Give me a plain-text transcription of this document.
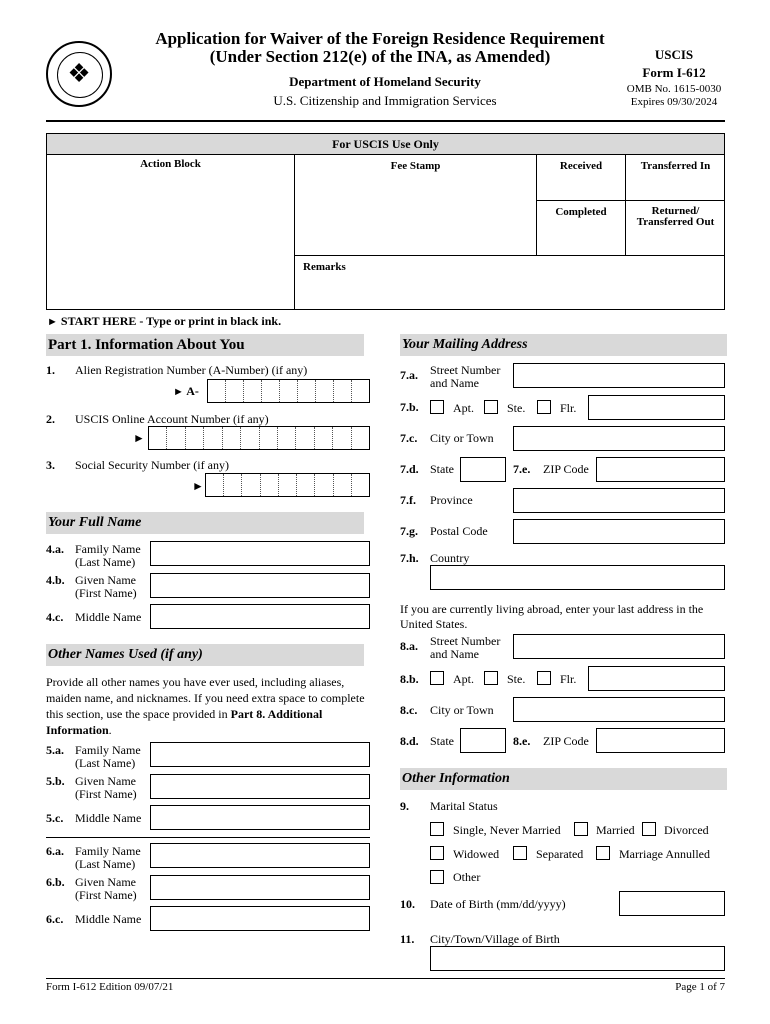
❖
Application for Waiver of the Foreign Residence Requirement
(Under Section 212(e) of the INA, as Amended)
Department of Homeland Security
U.S. Citizenship and Immigration Services
USCIS
Form I-612
OMB No. 1615-0030
Expires 09/30/2024
For USCIS Use Only
Action Block	Fee Stamp	Received	Transferred In
Completed	Returned/
Transferred Out
Remarks
► START HERE - Type or print in black ink.
Part 1. Information About You
1. Alien Registration Number (A-Number) (if any)
► A-
2. USCIS Online Account Number (if any)
►
3. Social Security Number (if any)
►
Your Full Name
4.a. Family Name
(Last Name)
4.b. Given Name
(First Name)
4.c. Middle Name
Other Names Used (if any)
Provide all other names you have ever used, including aliases, maiden name, and nicknames. If you need extra space to complete this section, use the space provided in Part 8. Additional Information.
5.a. Family Name
(Last Name)
5.b. Given Name
(First Name)
5.c. Middle Name
6.a. Family Name
(Last Name)
6.b. Given Name
(First Name)
6.c. Middle Name
Your Mailing Address
7.a. Street Number
and Name
7.b.	Apt.	Ste.	Flr.
7.c. City or Town
7.d. State	7.e. ZIP Code
7.f. Province
7.g. Postal Code
7.h. Country
If you are currently living abroad, enter your last address in the United States.
8.a. Street Number
and Name
8.b.	Apt.	Ste.	Flr.
8.c. City or Town
8.d. State	8.e. ZIP Code
Other Information
9. Marital Status
Single, Never Married	Married Divorced
Widowed	Separated	Marriage Annulled
Other
10. Date of Birth (mm/dd/yyyy)
11. City/Town/Village of Birth
Form I-612 Edition 09/07/21	Page 1 of 7
